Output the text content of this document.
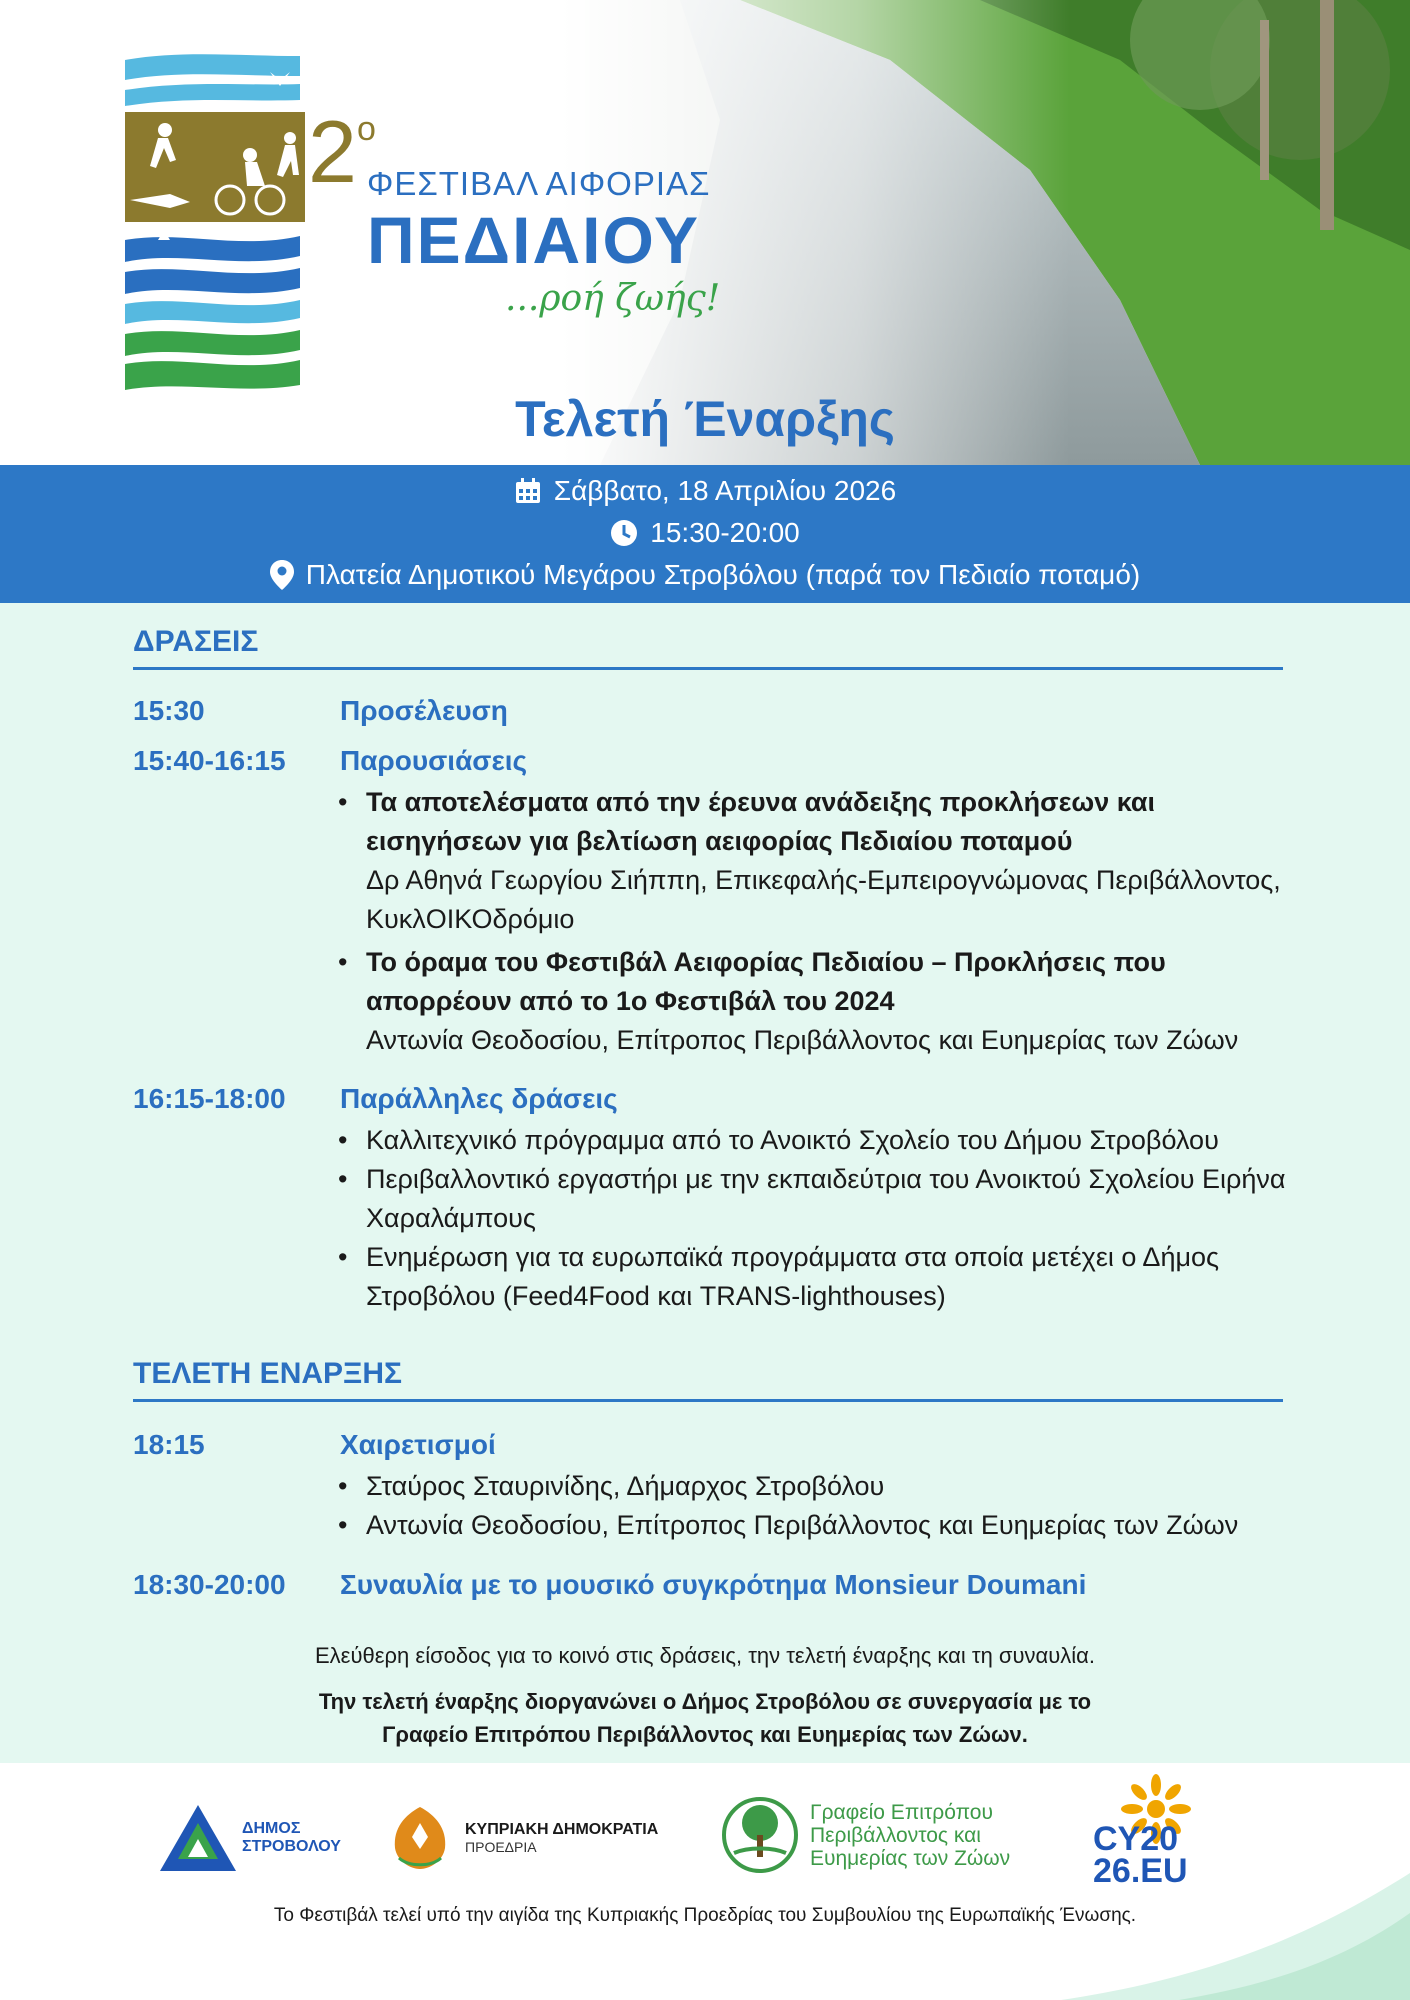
$2^o$
ΦΕΣΤΙΒΑΛ ΑΙΦΟΡΙΑΣ
ΠΕΔΙΑΙΟΥ
...ροή ζωής!
Τελετή Έναρξης
Σάββατο, 18 Απριλίου 2026
15:30-20:00
Πλατεία Δημοτικού Μεγάρου Στροβόλου (παρά τον Πεδιαίο ποταμό)
ΔΡΑΣΕΙΣ
15:30	Προσέλευση
15:40-16:15 Παρουσιάσεις
• Τα αποτελέσματα από την έρευνα ανάδειξης προκλήσεων και εισηγήσεων για βελτίωση αειφορίας Πεδιαίου ποταμού
Δρ Αθηνά Γεωργίου Σιήππη, Επικεφαλής-Εμπειρογνώμονας Περιβάλλοντος, ΚυκλΟΙΚΟδρόμιο
• Το όραμα του Φεστιβάλ Αειφορίας Πεδιαίου – Προκλήσεις που απορρέουν από το 1ο Φεστιβάλ του 2024
Αντωνία Θεοδοσίου, Επίτροπος Περιβάλλοντος και Ευημερίας των Ζώων
16:15-18:00 Παράλληλες δράσεις
• Καλλιτεχνικό πρόγραμμα από το Ανοικτό Σχολείο του Δήμου Στροβόλου
• Περιβαλλοντικό εργαστήρι με την εκπαιδεύτρια του Ανοικτού Σχολείου Ειρήνα Χαραλάμπους
• Ενημέρωση για τα ευρωπαϊκά προγράμματα στα οποία μετέχει ο Δήμος Στροβόλου (Feed4Food και TRANS-lighthouses)
ΤΕΛΕΤΗ ΕΝΑΡΞΗΣ
18:15	Χαιρετισμοί
• Σταύρος Σταυρινίδης, Δήμαρχος Στροβόλου
• Αντωνία Θεοδοσίου, Επίτροπος Περιβάλλοντος και Ευημερίας των Ζώων
18:30-20:00 Συναυλία με το μουσικό συγκρότημα Monsieur Doumani
Ελεύθερη είσοδος για το κοινό στις δράσεις, την τελετή έναρξης και τη συναυλία.
Την τελετή έναρξης διοργανώνει ο Δήμος Στροβόλου σε συνεργασία με το
Γραφείο Επιτρόπου Περιβάλλοντος και Ευημερίας των Ζώων.
ΔΗΜΟΣ
ΣΤΡΟΒΟΛΟΥ
ΚΥΠΡΙΑΚΗ ΔΗΜΟΚΡΑΤΙΑ
ΠΡΟΕΔΡΙΑ
Γραφείο Επιτρόπου
Περιβάλλοντος και
Ευημερίας των Ζώων CY20
26.EU
Το Φεστιβάλ τελεί υπό την αιγίδα της Κυπριακής Προεδρίας του Συμβουλίου της Ευρωπαϊκής Ένωσης.
